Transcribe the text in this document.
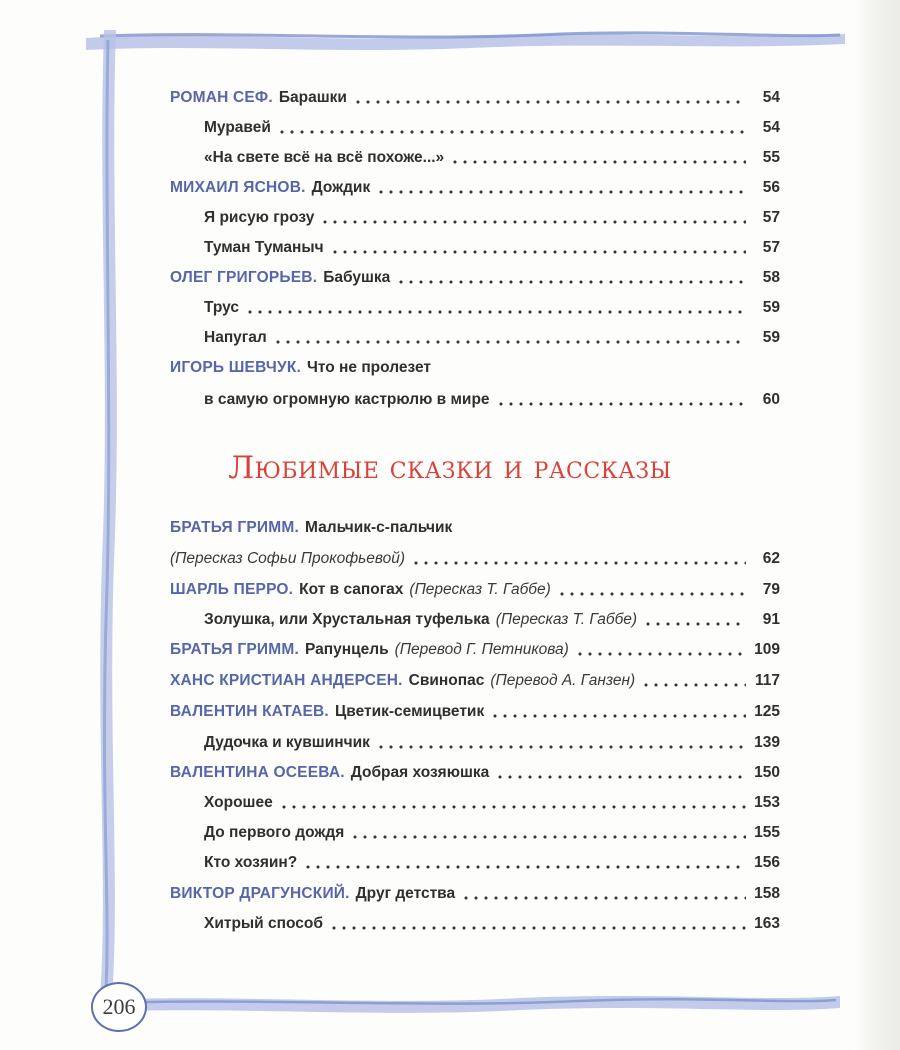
РОМАН СЕФ. Барашки	54
Муравей	54
«На свете всё на всё похоже...»	55
МИХАИЛ ЯСНОВ. Дождик	56
Я рисую грозу	57
Туман Туманыч	57
ОЛЕГ ГРИГОРЬЕВ. Бабушка	58
Трус	59
Напугал	59
ИГОРЬ ШЕВЧУК. Что не пролезет
в самую огромную кастрюлю в мире	60
Любимые сказки и рассказы
БРАТЬЯ ГРИММ. Мальчик-с-пальчик
(Пересказ Софьи Прокофьевой)	62
ШАРЛЬ ПЕРРО. Кот в сапогах (Пересказ Т. Габбе)	79
Золушка, или Хрустальная туфелька (Пересказ Т. Габбе)	91
БРАТЬЯ ГРИММ. Рапунцель (Перевод Г. Петникова)	109
ХАНС КРИСТИАН АНДЕРСЕН. Свинопас (Перевод А. Ганзен)	117
ВАЛЕНТИН КАТАЕВ. Цветик-семицветик	125
Дудочка и кувшинчик	139
ВАЛЕНТИНА ОСЕЕВА. Добрая хозяюшка	150
Хорошее	153
До первого дождя	155
Кто хозяин?	156
ВИКТОР ДРАГУНСКИЙ. Друг детства	158
Хитрый способ	163
206
